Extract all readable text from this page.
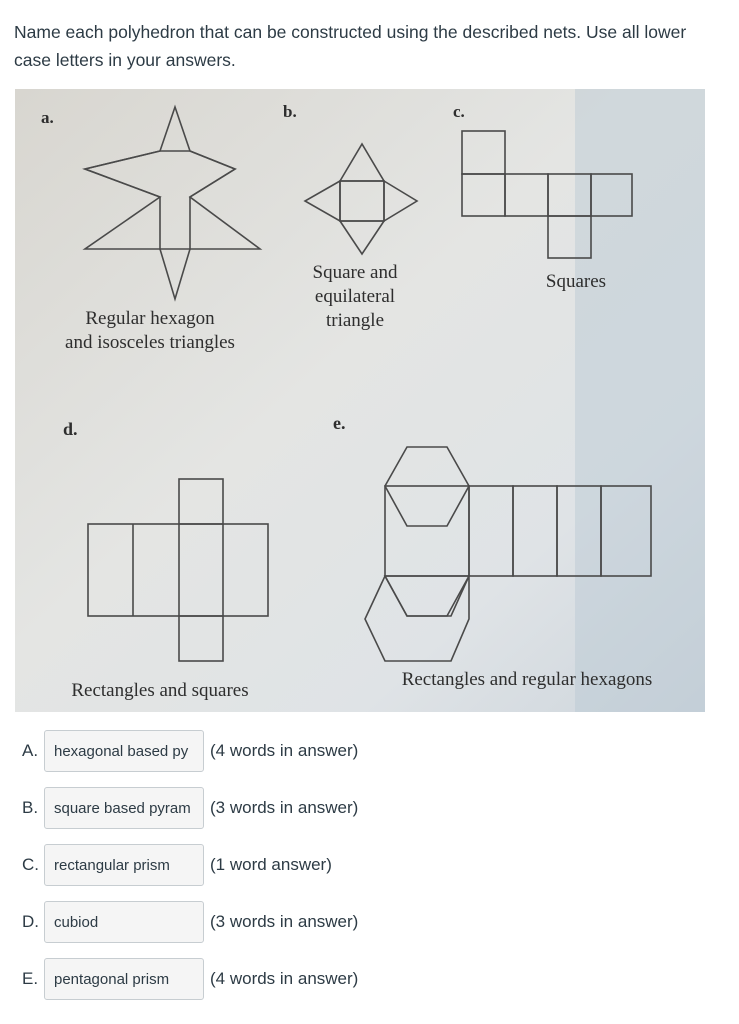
Name each polyhedron that can be constructed using the described nets. Use all lower case letters in your answers.
a.	b.	c.
d.	e.
Regular hexagon
and isosceles triangles
Square and
equilateral
triangle
Squares
Rectangles and squares
Rectangles and regular hexagons
A.	hexagonal based py	(4 words in answer)
B.	square based pyram	(3 words in answer)
C.	rectangular prism	(1 word answer)
D.	cubiod	(3 words in answer)
E.	pentagonal prism	(4 words in answer)
